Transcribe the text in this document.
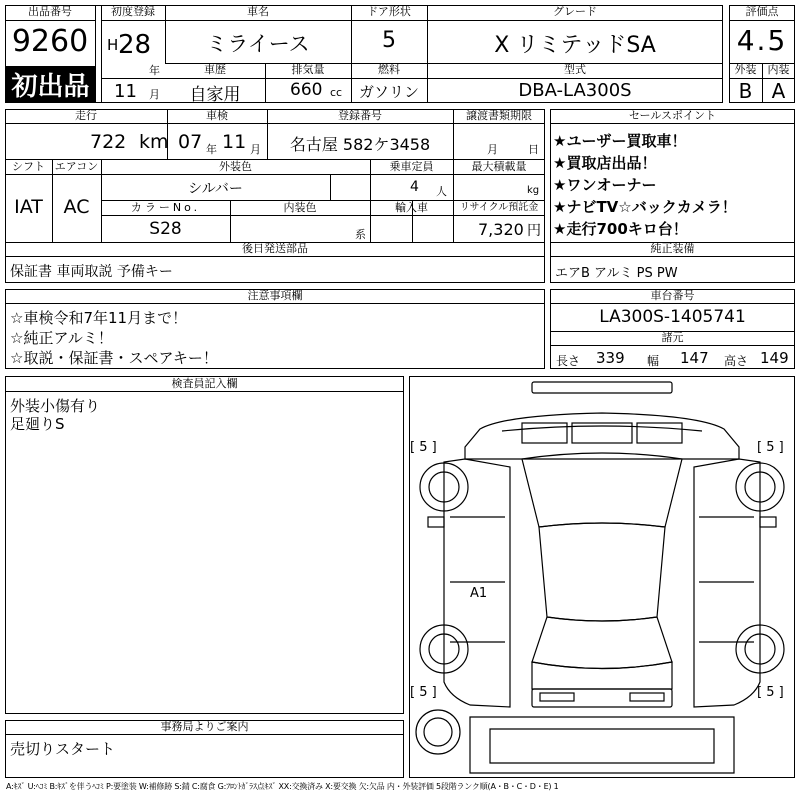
出品番号
9260
初出品
初度登録
H 28
年
11 月
車名
ミライース
ドア形状
5
グレード
X リミテッドSA
車歴
自家用
排気量
660 cc
燃料
ガソリン
型式
DBA-LA300S
評価点
4.5
外装	内装
B A
走行
722 km
車検
07 年 11 月
登録番号
名古屋 582ケ3458
譲渡書類期限
月	日
シフト
IAT
エアコン
AC
外装色
シルバー
乗車定員
4 人
最大積載量
kg
カラーNo.
S28
内装色
系
輸入車	リサイクル預託金
7,320 円
後日発送部品
保証書 車両取説 予備キー
セールスポイント
★ユーザー買取車！
★買取店出品！
★ワンオーナー
★ナビTV☆バックカメラ！
★走行700キロ台！
純正装備
エアB アルミ PS PW
注意事項欄
☆車検令和7年11月まで！
☆純正アルミ！
☆取説・保証書・スペアキー！
車台番号
LA300S-1405741
諸元
長さ 339 幅 147 高さ 149
検査員記入欄
外装小傷有り
足廻りS
事務局よりご案内
売切りスタート
[ 5 ]	[ 5 ]
[ 5 ]	[ 5 ]
A1
A:ｷｽﾞ U:ﾍｺﾐ B:ｷｽﾞを伴うﾍｺﾐ P:要塗装 W:補修跡 S:錆 C:腐食 G:ﾌﾛﾝﾄｶﾞﾗｽ点ｷｽﾞ XX:交換済み X:要交換 欠:欠品 内・外装評価 5段階ランク順(A・B・C・D・E) 1
